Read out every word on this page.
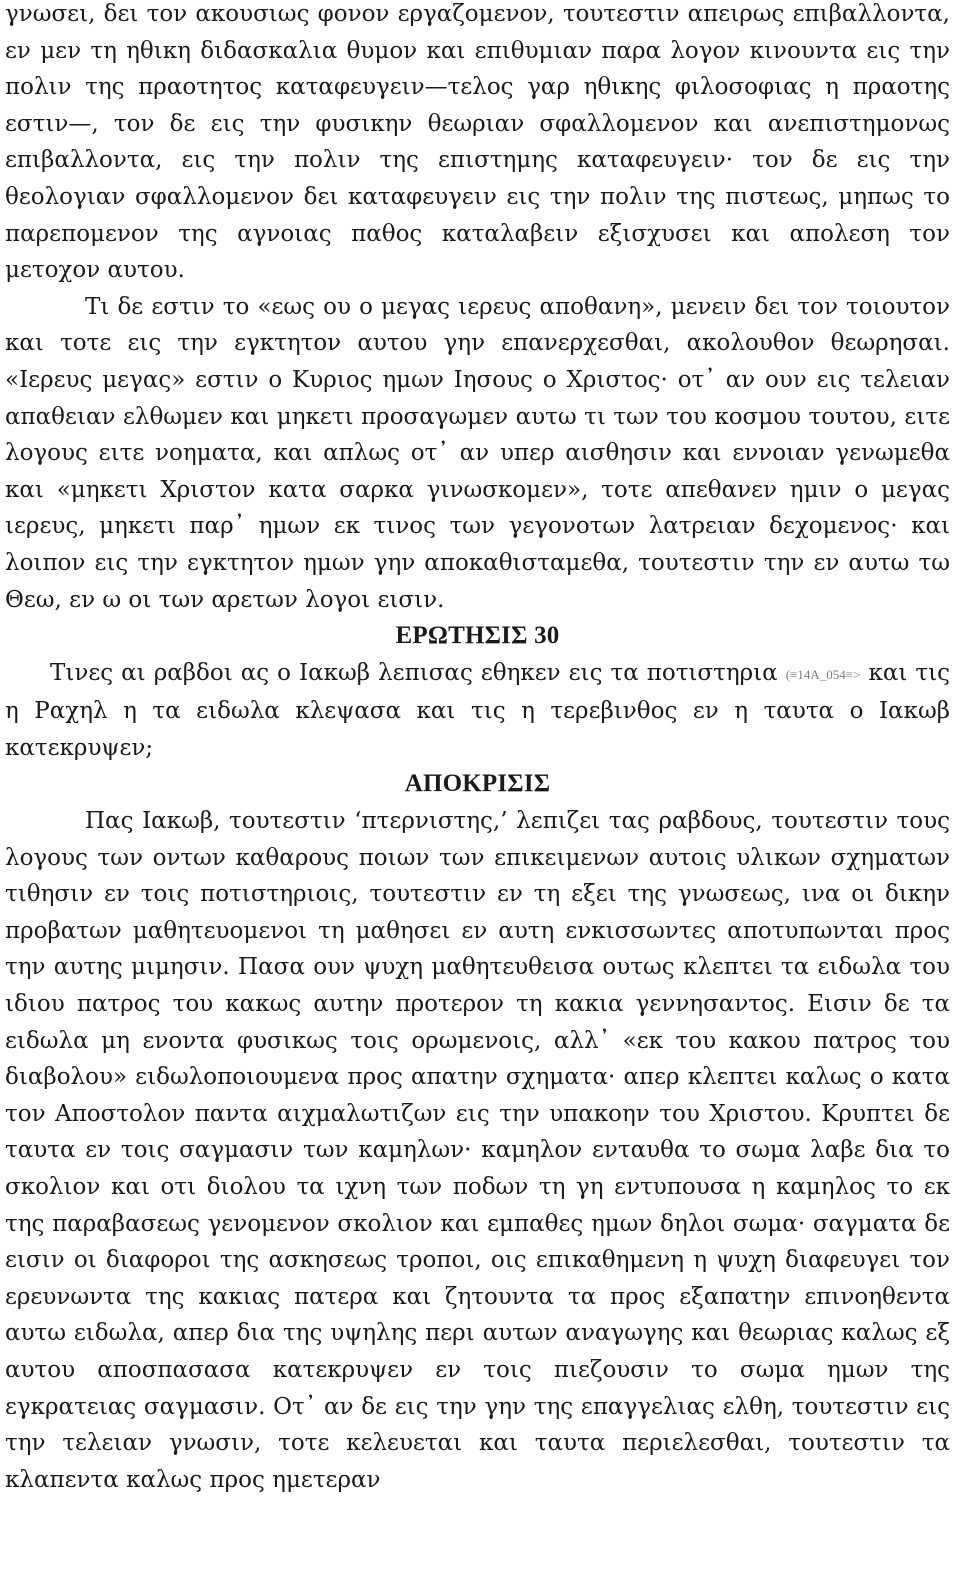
γνωσει, δει τον ακουσιως φονον εργαζομενον, τουτεστιν απειρως επιβαλλοντα, εν μεν τη ηθικη διδασκαλια θυμον και επιθυμιαν παρα λογον κινουντα εις την πολιν της πραοτητος καταφευγειν—τελος γαρ ηθικης φιλοσοφιας η πραοτης εστιν—, τον δε εις την φυσικην θεωριαν σφαλλομενον και ανεπιστημονως επιβαλλοντα, εις την πολιν της επιστημης καταφευγειν· τον δε εις την θεολογιαν σφαλλομενον δει καταφευγειν εις την πολιν της πιστεως, μηπως το παρεπομενον της αγνοιας παθος καταλαβειν εξισχυσει και απολεση τον μετοχον αυτου.

Τι δε εστιν το «εως ου ο μεγας ιερευς αποθανη», μενειν δει τον τοιουτον και τοτε εις την εγκτητον αυτου γην επανερχεσθαι, ακολουθον θεωρησαι. «Ιερευς μεγας» εστιν ο Κυριος ημων Ιησους ο Χριστος· οτ᾽ αν ουν εις τελειαν απαθειαν ελθωμεν και μηκετι προσαγωμεν αυτω τι των του κοσμου τουτου, ειτε λογους ειτε νοηματα, και απλως οτ᾽ αν υπερ αισθησιν και εννοιαν γενωμεθα και «μηκετι Χριστον κατα σαρκα γινωσκομεν», τοτε απεθανεν ημιν ο μεγας ιερευς, μηκετι παρ᾽ ημων εκ τινος των γεγονοτων λατρειαν δεχομενος· και λοιπον εις την εγκτητον ημων γην αποκαθισταμεθα, τουτεστιν την εν αυτω τω Θεω, εν ω οι των αρετων λογοι εισιν.

ΕΡΩΤΗΣΙΣ 30

Τινες αι ραβδοι ας ο Ιακωβ λεπισας εθηκεν εις τα ποτιστηρια (≡14A_054≡> και τις η Ραχηλ η τα ειδωλα κλεψασα και τις η τερεβινθος εν η ταυτα ο Ιακωβ κατεκρυψεν;

ΑΠΟΚΡΙΣΙΣ

Πας Ιακωβ, τουτεστιν ‘πτερνιστης,’ λεπιζει τας ραβδους, τουτεστιν τους λογους των οντων καθαρους ποιων των επικειμενων αυτοις υλικων σχηματων τιθησιν εν τοις ποτιστηριοις, τουτεστιν εν τη εξει της γνωσεως, ινα οι δικην προβατων μαθητευομενοι τη μαθησει εν αυτη ενκισσωντες αποτυπωνται προς την αυτης μιμησιν. Πασα ουν ψυχη μαθητευθεισα ουτως κλεπτει τα ειδωλα του ιδιου πατρος του κακως αυτην προτερον τη κακια γεννησαντος. Εισιν δε τα ειδωλα μη ενοντα φυσικως τοις ορωμενοις, αλλ᾽ «εκ του κακου πατρος του διαβολου» ειδωλοποιουμενα προς απατην σχηματα· απερ κλεπτει καλως ο κατα τον Αποστολον παντα αιχμαλωτιζων εις την υπακοην του Χριστου. Κρυπτει δε ταυτα εν τοις σαγμασιν των καμηλων· καμηλον ενταυθα το σωμα λαβε δια το σκολιον και οτι διολου τα ιχνη των ποδων τη γη εντυπουσα η καμηλος το εκ της παραβασεως γενομενον σκολιον και εμπαθες ημων δηλοι σωμα· σαγματα δε εισιν οι διαφοροι της ασκησεως τροποι, οις επικαθημενη η ψυχη διαφευγει τον ερευνωντα της κακιας πατερα και ζητουντα τα προς εξαπατην επινοηθεντα αυτω ειδωλα, απερ δια της υψηλης περι αυτων αναγωγης και θεωριας καλως εξ αυτου αποσπασασα κατεκρυψεν εν τοις πιεζουσιν το σωμα ημων της εγκρατειας σαγμασιν. Οτ᾽ αν δε εις την γην της επαγγελιας ελθη, τουτεστιν εις την τελειαν γνωσιν, τοτε κελευεται και ταυτα περιελεσθαι, τουτεστιν τα κλαπεντα καλως προς ημετεραν
